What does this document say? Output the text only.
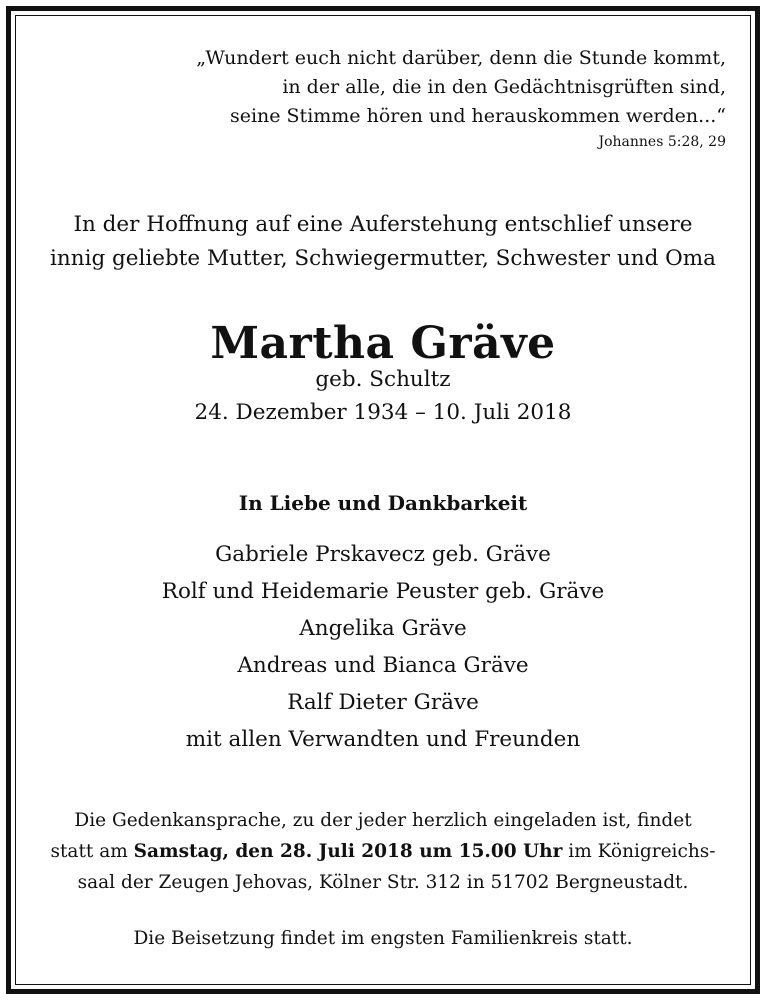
„Wundert euch nicht darüber, denn die Stunde kommt,
in der alle, die in den Gedächtnisgrüften sind,
seine Stimme hören und herauskommen werden...“
Johannes 5:28, 29
In der Hoffnung auf eine Auferstehung entschlief unsere
innig geliebte Mutter, Schwiegermutter, Schwester und Oma
Martha Gräve
geb. Schultz
24. Dezember 1934 – 10. Juli 2018
In Liebe und Dankbarkeit
Gabriele Prskavecz geb. Gräve
Rolf und Heidemarie Peuster geb. Gräve
Angelika Gräve
Andreas und Bianca Gräve
Ralf Dieter Gräve
mit allen Verwandten und Freunden
Die Gedenkansprache, zu der jeder herzlich eingeladen ist, findet
statt am Samstag, den 28. Juli 2018 um 15.00 Uhr im Königreichs-
saal der Zeugen Jehovas, Kölner Str. 312 in 51702 Bergneustadt.
Die Beisetzung findet im engsten Familienkreis statt.
